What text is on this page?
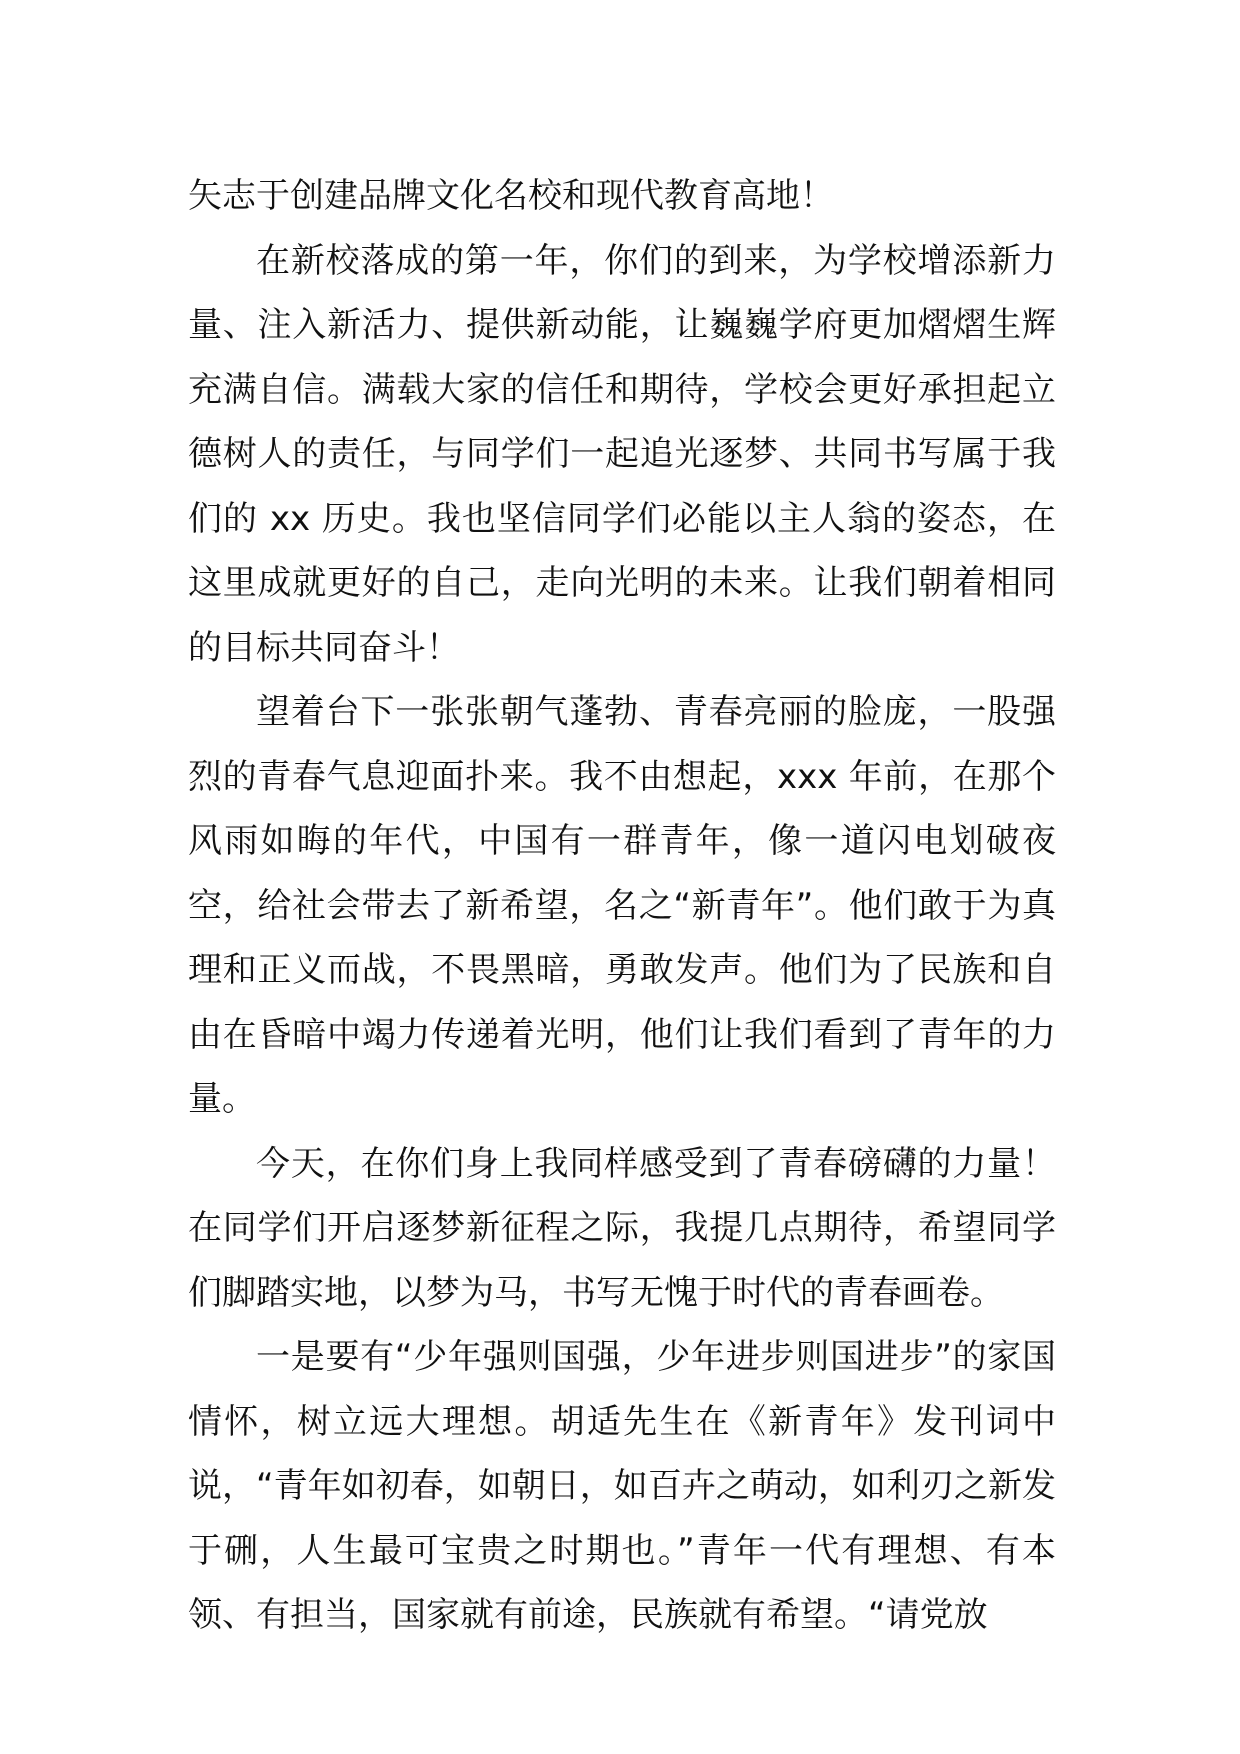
矢志于创建品牌文化名校和现代教育高地！

在新校落成的第一年，你们的到来，为学校增添新力量、注入新活力、提供新动能，让巍巍学府更加熠熠生辉充满自信。满载大家的信任和期待，学校会更好承担起立德树人的责任，与同学们一起追光逐梦、共同书写属于我们的 xx 历史。我也坚信同学们必能以主人翁的姿态，在这里成就更好的自己，走向光明的未来。让我们朝着相同的目标共同奋斗！

望着台下一张张朝气蓬勃、青春亮丽的脸庞，一股强烈的青春气息迎面扑来。我不由想起，xxx 年前，在那个风雨如晦的年代，中国有一群青年，像一道闪电划破夜空，给社会带去了新希望，名之“新青年”。他们敢于为真理和正义而战，不畏黑暗，勇敢发声。他们为了民族和自由在昏暗中竭力传递着光明，他们让我们看到了青年的力量。

今天，在你们身上我同样感受到了青春磅礴的力量！在同学们开启逐梦新征程之际，我提几点期待，希望同学们脚踏实地，以梦为马，书写无愧于时代的青春画卷。

一是要有“少年强则国强，少年进步则国进步”的家国情怀，树立远大理想。胡适先生在《新青年》发刊词中说，“青年如初春，如朝日，如百卉之萌动，如利刃之新发于硎，人生最可宝贵之时期也。”青年一代有理想、有本领、有担当，国家就有前途，民族就有希望。“请党放
